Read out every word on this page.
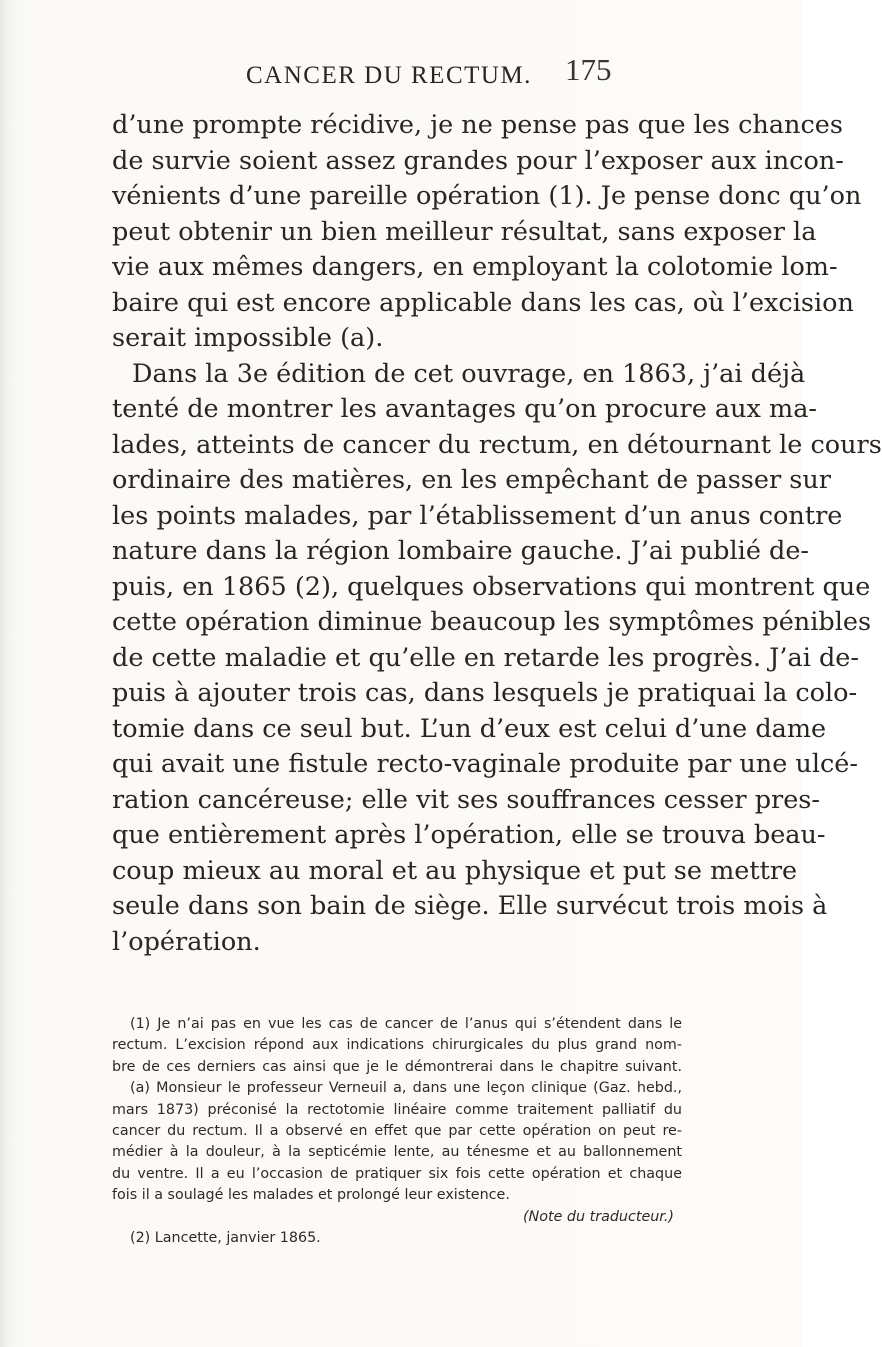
CANCER DU RECTUM. 175
d’une prompte récidive, je ne pense pas que les chances
de survie soient assez grandes pour l’exposer aux incon-
vénients d’une pareille opération (1). Je pense donc qu’on
peut obtenir un bien meilleur résultat, sans exposer la
vie aux mêmes dangers, en employant la colotomie lom-
baire qui est encore applicable dans les cas, où l’excision
serait impossible (a).
Dans la 3e édition de cet ouvrage, en 1863, j’ai déjà
tenté de montrer les avantages qu’on procure aux ma-
lades, atteints de cancer du rectum, en détournant le cours
ordinaire des matières, en les empêchant de passer sur
les points malades, par l’établissement d’un anus contre
nature dans la région lombaire gauche. J’ai publié de-
puis, en 1865 (2), quelques observations qui montrent que
cette opération diminue beaucoup les symptômes pénibles
de cette maladie et qu’elle en retarde les progrès. J’ai de-
puis à ajouter trois cas, dans lesquels je pratiquai la colo-
tomie dans ce seul but. L’un d’eux est celui d’une dame
qui avait une fistule recto-vaginale produite par une ulcé-
ration cancéreuse; elle vit ses souffrances cesser pres-
que entièrement après l’opération, elle se trouva beau-
coup mieux au moral et au physique et put se mettre
seule dans son bain de siège. Elle survécut trois mois à
l’opération.
(1) Je n’ai pas en vue les cas de cancer de l’anus qui s’étendent dans le
rectum. L’excision répond aux indications chirurgicales du plus grand nom-
bre de ces derniers cas ainsi que je le démontrerai dans le chapitre suivant.
(a) Monsieur le professeur Verneuil a, dans une leçon clinique (Gaz. hebd.,
mars 1873) préconisé la rectotomie linéaire comme traitement palliatif du
cancer du rectum. Il a observé en effet que par cette opération on peut re-
médier à la douleur, à la septicémie lente, au ténesme et au ballonnement
du ventre. Il a eu l’occasion de pratiquer six fois cette opération et chaque
fois il a soulagé les malades et prolongé leur existence.
(Note du traducteur.)
(2) Lancette, janvier 1865.
